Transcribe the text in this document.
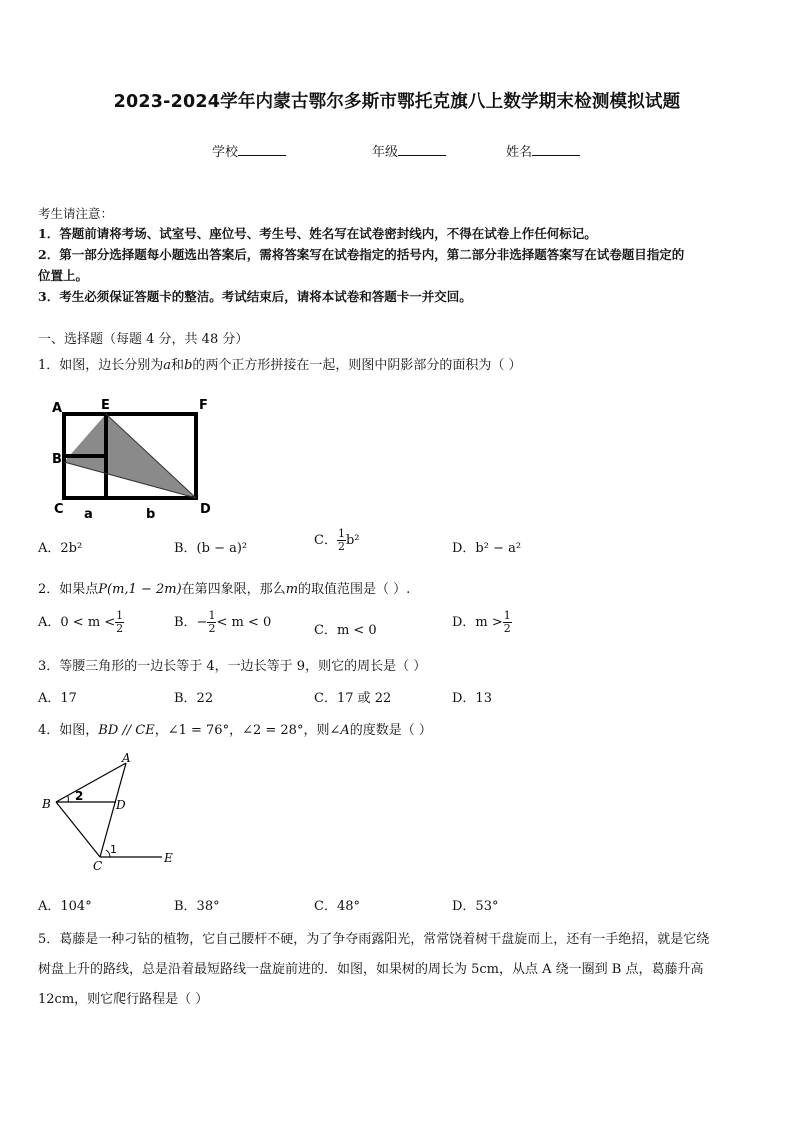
2023-2024学年内蒙古鄂尔多斯市鄂托克旗八上数学期末检测模拟试题
学校	年级	姓名
考生请注意：
1．答题前请将考场、试室号、座位号、考生号、姓名写在试卷密封线内，不得在试卷上作任何标记。
2．第一部分选择题每小题选出答案后，需将答案写在试卷指定的括号内，第二部分非选择题答案写在试卷题目指定的
位置上。
3．考生必须保证答题卡的整洁。考试结束后，请将本试卷和答题卡一并交回。
一、选择题（每题 4 分，共 48 分）
1．如图，边长分别为a和b的两个正方形拼接在一起，则图中阴影部分的面积为（ ）
A	E	F
B
C	D
a	b
A．2b²	B．(b − a)²
C． $\frac{1}{2} b^2$
D．b² − a²
2．如果点P(m,1 − 2m)在第四象限，那么m的取值范围是（ ）.
A．$0 < m < \frac{1}{2}$	B．− $\frac{1}{2} < m < 0$
C．m < 0
D．$m > \frac{1}{2}$
3．等腰三角形的一边长等于 4，一边长等于 9，则它的周长是（ ）
A．17	B．22	C．17 或 22	D．13
4．如图，BD // CE，∠1 = 76°，∠2 = 28°，则∠A的度数是（ ）
A
B	D
C
E
2
1
A．104°	B．38°	C．48°	D．53°
5．葛藤是一种刁钻的植物，它自己腰杆不硬，为了争夺雨露阳光，常常饶着树干盘旋而上，还有一手绝招，就是它绕
树盘上升的路线，总是沿着最短路线一盘旋前进的．如图，如果树的周长为 5cm，从点 A 绕一圈到 B 点，葛藤升高
12cm，则它爬行路程是（ ）
